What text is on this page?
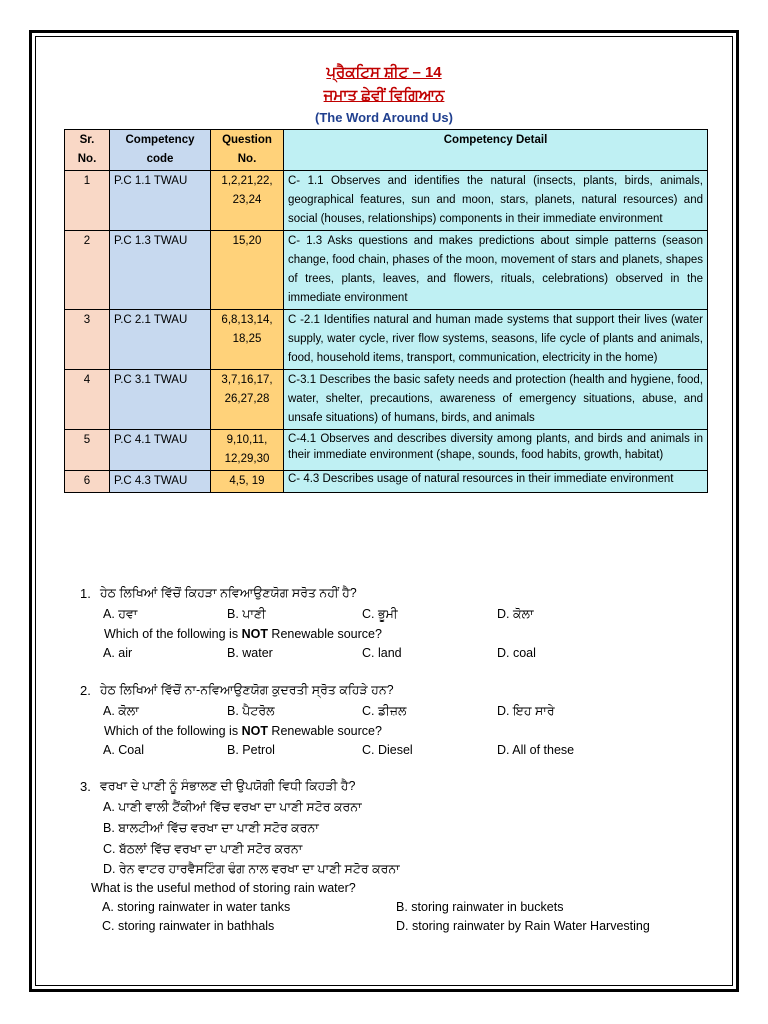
ਪ੍ਰੈਕਟਿਸ ਸ਼ੀਟ – 14
ਜਮਾਤ ਛੇਵੀਂ ਵਿਗਿਆਨ
(The Word Around Us)
Sr. No.	Competency code	Question No.	Competency Detail
1	P.C 1.1 TWAU	1,2,21,22, 23,24	C- 1.1 Observes and identifies the natural (insects, plants, birds, animals, geographical features, sun and moon, stars, planets, natural resources) and social (houses, relationships) components in their immediate environment
2	P.C 1.3 TWAU	15,20	C- 1.3 Asks questions and makes predictions about simple patterns (season change, food chain, phases of the moon, movement of stars and planets, shapes of trees, plants, leaves, and flowers, rituals, celebrations) observed in the immediate environment
3	P.C 2.1 TWAU	6,8,13,14, 18,25	C -2.1 Identifies natural and human made systems that support their lives (water supply, water cycle, river flow systems, seasons, life cycle of plants and animals, food, household items, transport, communication, electricity in the home)
4	P.C 3.1 TWAU	3,7,16,17, 26,27,28	C-3.1 Describes the basic safety needs and protection (health and hygiene, food, water, shelter, precautions, awareness of emergency situations, abuse, and unsafe situations) of humans, birds, and animals
5	P.C 4.1 TWAU	9,10,11, 12,29,30	C-4.1 Observes and describes diversity among plants, and birds and animals in their immediate environment (shape, sounds, food habits, growth, habitat)
6	P.C 4.3 TWAU	4,5, 19	C- 4.3 Describes usage of natural resources in their immediate environment
1. ਹੇਠ ਲਿਖਿਆਂ ਵਿੱਚੋਂ ਕਿਹੜਾ ਨਵਿਆਉਣਯੋਗ ਸਰੋਤ ਨਹੀਂ ਹੈ?
A. ਹਵਾ	B. ਪਾਣੀ	C. ਭੂਮੀ	D. ਕੋਲਾ
Which of the following is NOT Renewable source?
A. air	B. water	C. land	D. coal
2. ਹੇਠ ਲਿਖਿਆਂ ਵਿੱਚੋਂ ਨਾ-ਨਵਿਆਉਣਯੋਗ ਕੁਦਰਤੀ ਸ੍ਰੋਤ ਕਹਿੜੇ ਹਨ?
A. ਕੋਲਾ	B. ਪੈਟਰੋਲ	C. ਡੀਜ਼ਲ	D. ਇਹ ਸਾਰੇ
Which of the following is NOT Renewable source?
A. Coal	B. Petrol	C. Diesel	D. All of these
3. ਵਰਖਾ ਦੇ ਪਾਣੀ ਨੂੰ ਸੰਭਾਲਣ ਦੀ ਉਪਯੋਗੀ ਵਿਧੀ ਕਿਹੜੀ ਹੈ?
A. ਪਾਣੀ ਵਾਲੀ ਟੈਂਕੀਆਂ ਵਿੱਚ ਵਰਖਾ ਦਾ ਪਾਣੀ ਸਟੋਰ ਕਰਨਾ
B. ਬਾਲਟੀਆਂ ਵਿੱਚ ਵਰਖਾ ਦਾ ਪਾਣੀ ਸਟੋਰ ਕਰਨਾ
C. ਬੱਠਲਾਂ ਵਿੱਚ ਵਰਖਾ ਦਾ ਪਾਣੀ ਸਟੋਰ ਕਰਨਾ
D. ਰੇਨ ਵਾਟਰ ਹਾਰਵੈਸਟਿੰਗ ਢੰਗ ਨਾਲ ਵਰਖਾ ਦਾ ਪਾਣੀ ਸਟੋਰ ਕਰਨਾ
What is the useful method of storing rain water?
A. storing rainwater in water tanks	B. storing rainwater in buckets
C. storing rainwater in bathhals	D. storing rainwater by Rain Water Harvesting
